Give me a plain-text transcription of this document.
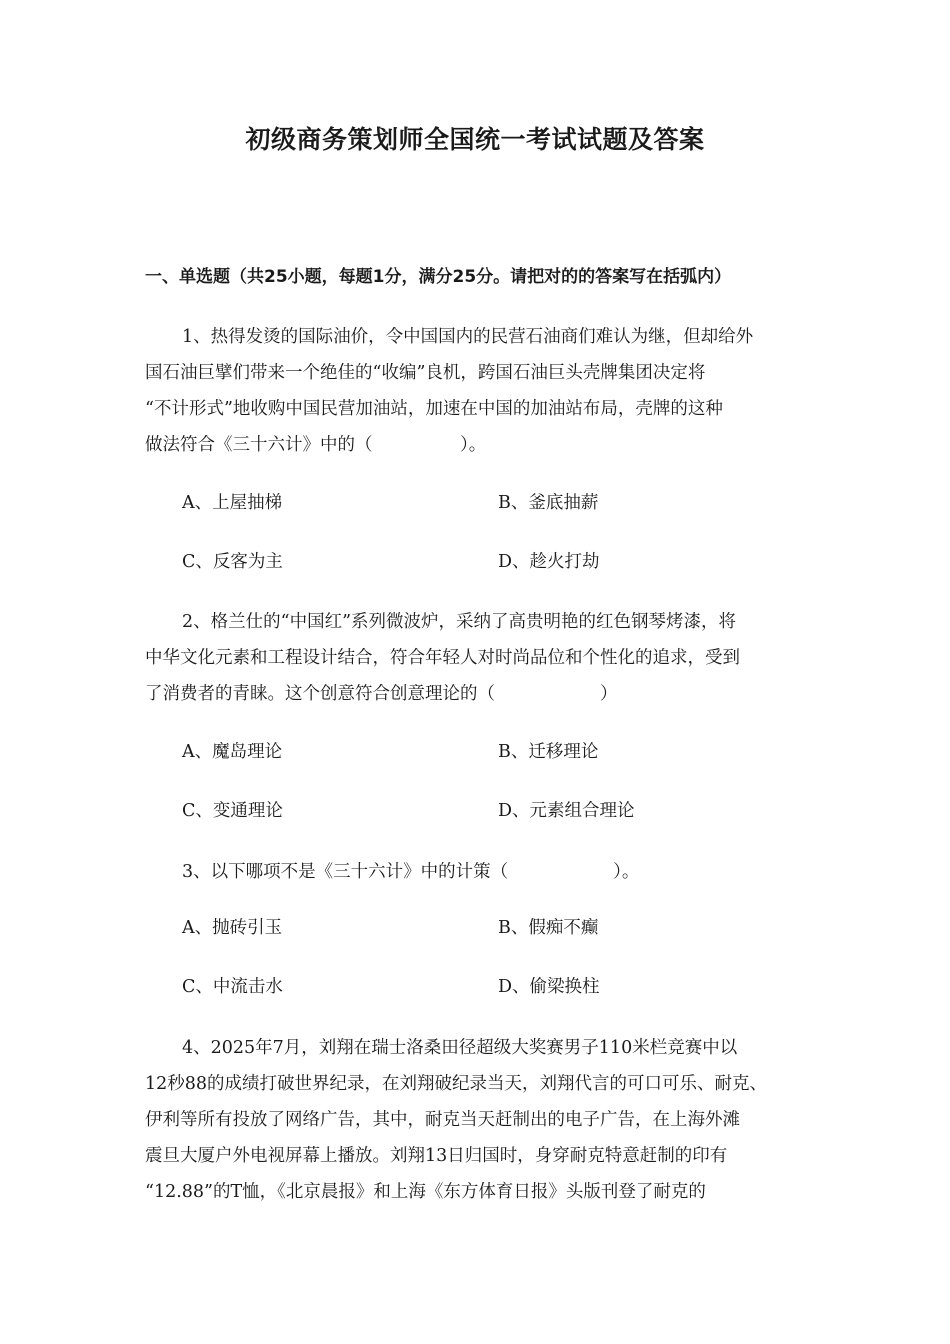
初级商务策划师全国统一考试试题及答案
一、单选题（共25小题，每题1分，满分25分。请把对的的答案写在括弧内）
1、热得发烫的国际油价，令中国国内的民营石油商们难认为继，但却给外
国石油巨擘们带来一个绝佳的“收编”良机，跨国石油巨头壳牌集团决定将
“不计形式”地收购中国民营加油站，加速在中国的加油站布局，壳牌的这种
做法符合《三十六计》中的（　　　　　）。
A、上屋抽梯	B、釜底抽薪
C、反客为主	D、趁火打劫
2、格兰仕的“中国红”系列微波炉，采纳了高贵明艳的红色钢琴烤漆，将
中华文化元素和工程设计结合，符合年轻人对时尚品位和个性化的追求，受到
了消费者的青睐。这个创意符合创意理论的（　　　　　　）
A、魔岛理论	B、迁移理论
C、变通理论	D、元素组合理论
3、以下哪项不是《三十六计》中的计策（　　　　　　）。
A、抛砖引玉	B、假痴不癫
C、中流击水	D、偷梁换柱
4、2025年7月，刘翔在瑞士洛桑田径超级大奖赛男子110米栏竞赛中以
12秒88的成绩打破世界纪录，在刘翔破纪录当天，刘翔代言的可口可乐、耐克、
伊利等所有投放了网络广告，其中，耐克当天赶制出的电子广告，在上海外滩
震旦大厦户外电视屏幕上播放。刘翔13日归国时，身穿耐克特意赶制的印有
“12.88”的T恤，《北京晨报》和上海《东方体育日报》头版刊登了耐克的
